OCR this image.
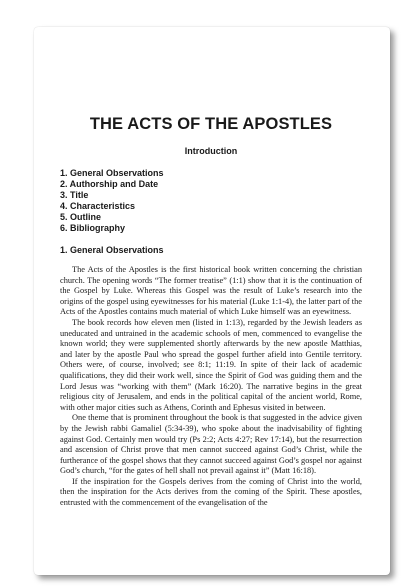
THE ACTS OF THE APOSTLES
Introduction
1. General Observations
2. Authorship and Date
3. Title
4. Characteristics
5. Outline
6. Bibliography
1. General Observations

The Acts of the Apostles is the first historical book written concerning the christian church. The opening words “The former treatise” (1:1) show that it is the continuation of the Gospel by Luke. Whereas this Gospel was the result of Luke’s research into the origins of the gospel using eyewitnesses for his material (Luke 1:1-4), the latter part of the Acts of the Apostles contains much material of which Luke himself was an eyewitness.

The book records how eleven men (listed in 1:13), regarded by the Jewish leaders as uneducated and untrained in the academic schools of men, commenced to evangelise the known world; they were supplemented shortly afterwards by the new apostle Matthias, and later by the apostle Paul who spread the gospel further afield into Gentile territory. Others were, of course, involved; see 8:1; 11:19. In spite of their lack of academic qualifications, they did their work well, since the Spirit of God was guiding them and the Lord Jesus was “working with them” (Mark 16:20). The narrative begins in the great religious city of Jerusalem, and ends in the political capital of the ancient world, Rome, with other major cities such as Athens, Corinth and Ephesus visited in between.

One theme that is prominent throughout the book is that suggested in the advice given by the Jewish rabbi Gamaliel (5:34-39), who spoke about the inadvisability of fighting against God. Certainly men would try (Ps 2:2; Acts 4:27; Rev 17:14), but the resurrection and ascension of Christ prove that men cannot succeed against God’s Christ, while the furtherance of the gospel shows that they cannot succeed against God’s gospel nor against God’s church, “for the gates of hell shall not prevail against it” (Matt 16:18).

If the inspiration for the Gospels derives from the coming of Christ into the world, then the inspiration for the Acts derives from the coming of the Spirit. These apostles, entrusted with the commencement of the evangelisation of the
